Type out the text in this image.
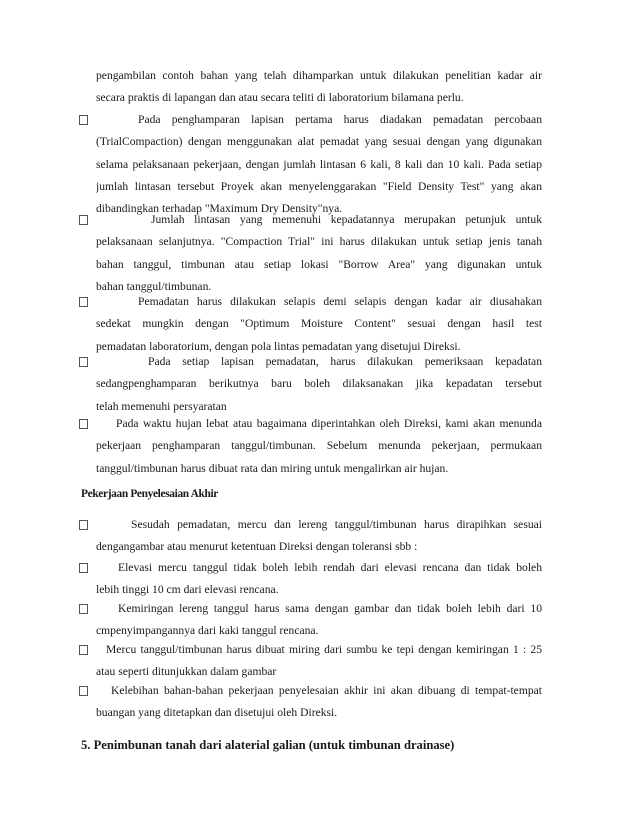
pengambilan contoh bahan yang telah dihamparkan untuk dilakukan penelitian kadar air
secara praktis di lapangan dan atau secara teliti di laboratorium bilamana perlu.
Pada penghamparan lapisan pertama harus diadakan pemadatan percobaan
(TrialCompaction) dengan menggunakan alat pemadat yang sesuai dengan yang digunakan
selama pelaksanaan pekerjaan, dengan jumlah lintasan 6 kali, 8 kali dan 10 kali. Pada setiap
jumlah lintasan tersebut Proyek akan menyelenggarakan "Field Density Test" yang akan
dibandingkan terhadap "Maximum Dry Density"nya.
Jumlah lintasan yang memenuhi kepadatannya merupakan petunjuk untuk
pelaksanaan selanjutnya. "Compaction Trial" ini harus dilakukan untuk setiap jenis tanah
bahan tanggul, timbunan atau setiap lokasi "Borrow Area" yang digunakan untuk
bahan tanggul/timbunan.
Pemadatan harus dilakukan selapis demi selapis dengan kadar air diusahakan
sedekat mungkin dengan "Optimum Moisture Content" sesuai dengan hasil test
pemadatan laboratorium, dengan pola lintas pemadatan yang disetujui Direksi.
Pada setiap lapisan pemadatan, harus dilakukan pemeriksaan kepadatan
sedangpenghamparan berikutnya baru boleh dilaksanakan jika kepadatan tersebut
telah memenuhi persyaratan
Pada waktu hujan lebat atau bagaimana diperintahkan oleh Direksi, kami akan menunda
pekerjaan penghamparan tanggul/timbunan. Sebelum menunda pekerjaan, permukaan
tanggul/timbunan harus dibuat rata dan miring untuk mengalirkan air hujan.
Pekerjaan Penyelesaian Akhir
Sesudah pemadatan, mercu dan lereng tanggul/timbunan harus dirapihkan sesuai
dengangambar atau menurut ketentuan Direksi dengan toleransi sbb :
Elevasi mercu tanggul tidak boleh lebih rendah dari elevasi rencana dan tidak boleh
lebih tinggi 10 cm dari elevasi rencana.
Kemiringan lereng tanggul harus sama dengan gambar dan tidak boleh lebih dari 10
cmpenyimpangannya dari kaki tanggul rencana.
Mercu tanggul/timbunan harus dibuat miring dari sumbu ke tepi dengan kemiringan 1 : 25
atau seperti ditunjukkan dalam gambar
Kelebihan bahan-bahan pekerjaan penyelesaian akhir ini akan dibuang di tempat-tempat
buangan yang ditetapkan dan disetujui oleh Direksi.
5. Penimbunan tanah dari alaterial galian (untuk timbunan drainase)
